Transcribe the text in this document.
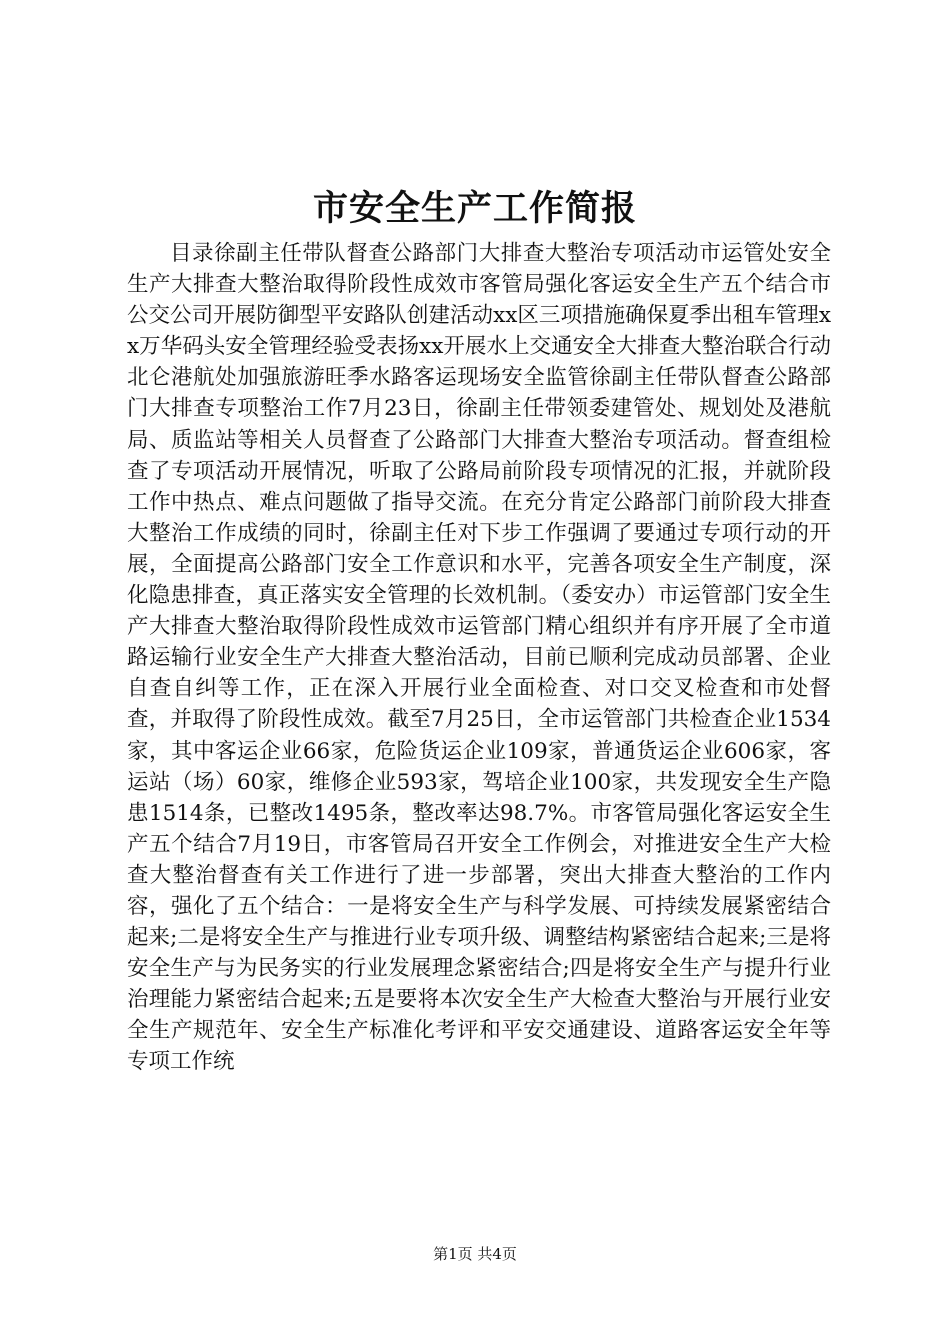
市安全生产工作简报

目录徐副主任带队督查公路部门大排查大整治专项活动市运管处安全生产大排查大整治取得阶段性成效市客管局强化客运安全生产五个结合市公交公司开展防御型平安路队创建活动xx区三项措施确保夏季出租车管理xx万华码头安全管理经验受表扬xx开展水上交通安全大排查大整治联合行动北仑港航处加强旅游旺季水路客运现场安全监管徐副主任带队督查公路部门大排查专项整治工作7月23日，徐副主任带领委建管处、规划处及港航局、质监站等相关人员督查了公路部门大排查大整治专项活动。督查组检查了专项活动开展情况，听取了公路局前阶段专项情况的汇报，并就阶段工作中热点、难点问题做了指导交流。在充分肯定公路部门前阶段大排查大整治工作成绩的同时，徐副主任对下步工作强调了要通过专项行动的开展，全面提高公路部门安全工作意识和水平，完善各项安全生产制度，深化隐患排查，真正落实安全管理的长效机制。（委安办）市运管部门安全生产大排查大整治取得阶段性成效市运管部门精心组织并有序开展了全市道路运输行业安全生产大排查大整治活动，目前已顺利完成动员部署、企业自查自纠等工作，正在深入开展行业全面检查、对口交叉检查和市处督查，并取得了阶段性成效。截至7月25日，全市运管部门共检查企业1534家，其中客运企业66家，危险货运企业109家，普通货运企业606家，客运站（场）60家，维修企业593家，驾培企业100家，共发现安全生产隐患1514条，已整改1495条，整改率达98.7%。市客管局强化客运安全生产五个结合7月19日，市客管局召开安全工作例会，对推进安全生产大检查大整治督查有关工作进行了进一步部署，突出大排查大整治的工作内容，强化了五个结合：一是将安全生产与科学发展、可持续发展紧密结合起来;二是将安全生产与推进行业专项升级、调整结构紧密结合起来;三是将安全生产与为民务实的行业发展理念紧密结合;四是将安全生产与提升行业治理能力紧密结合起来;五是要将本次安全生产大检查大整治与开展行业安全生产规范年、安全生产标准化考评和平安交通建设、道路客运安全年等专项工作统

第1页 共4页
